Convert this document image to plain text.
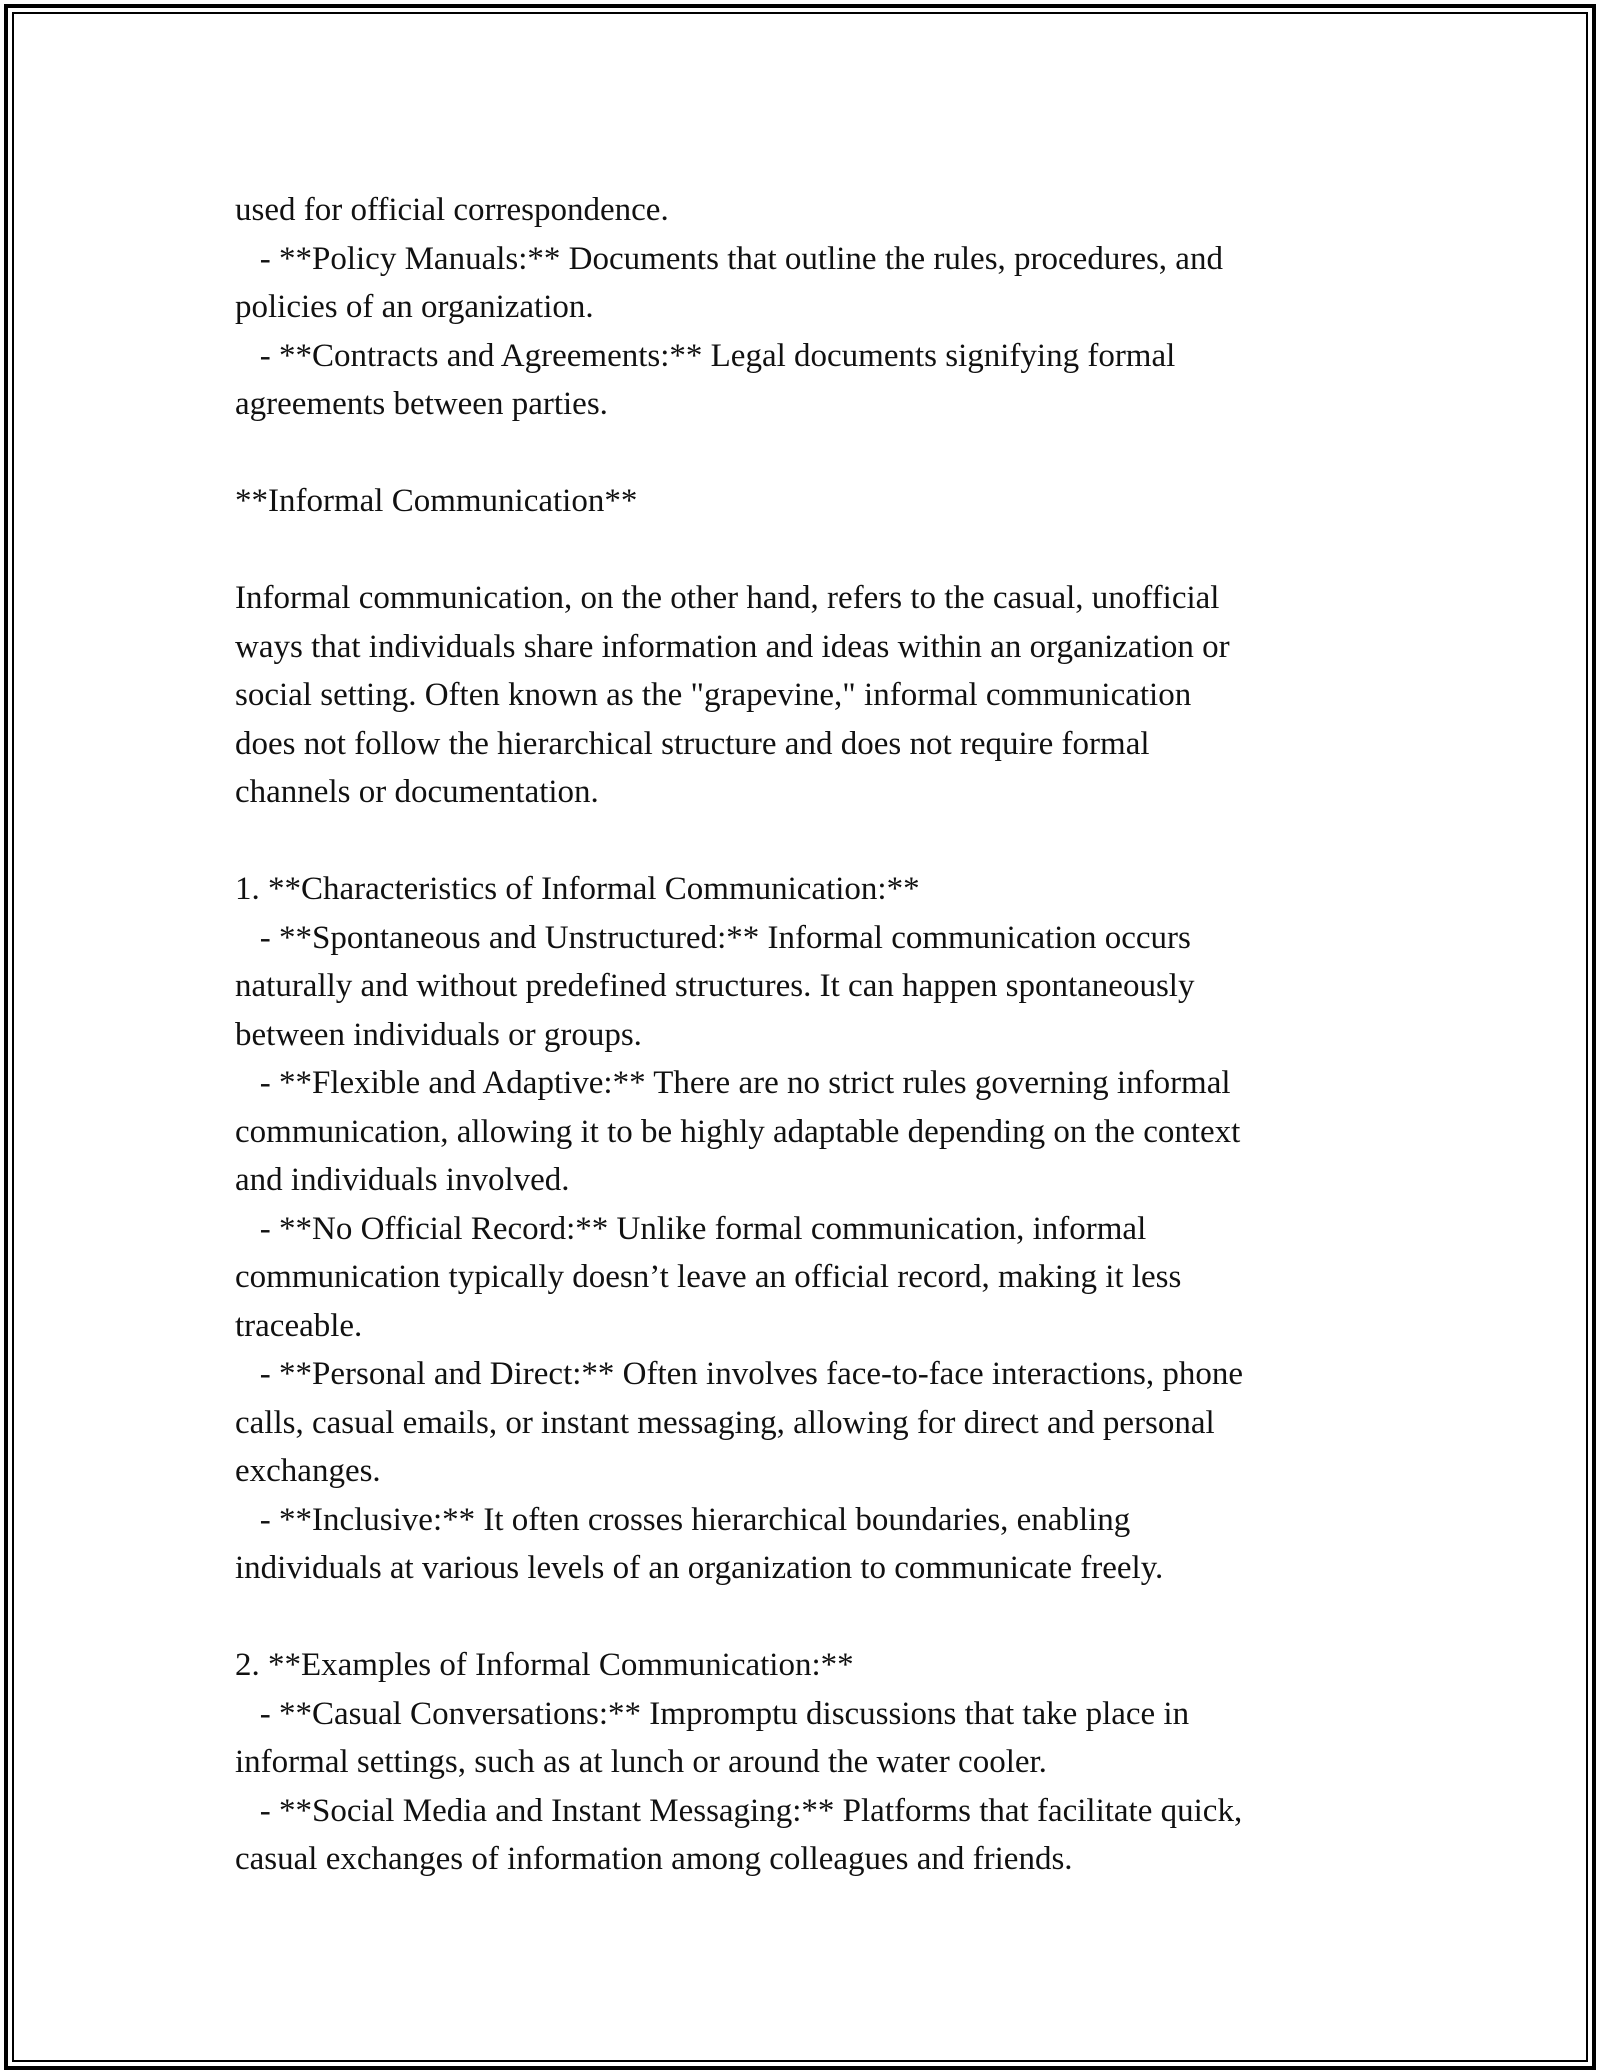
used for official correspondence.
- **Policy Manuals:** Documents that outline the rules, procedures, and
policies of an organization.
- **Contracts and Agreements:** Legal documents signifying formal
agreements between parties.
**Informal Communication**
Informal communication, on the other hand, refers to the casual, unofficial
ways that individuals share information and ideas within an organization or
social setting. Often known as the "grapevine," informal communication
does not follow the hierarchical structure and does not require formal
channels or documentation.
1. **Characteristics of Informal Communication:**
- **Spontaneous and Unstructured:** Informal communication occurs
naturally and without predefined structures. It can happen spontaneously
between individuals or groups.
- **Flexible and Adaptive:** There are no strict rules governing informal
communication, allowing it to be highly adaptable depending on the context
and individuals involved.
- **No Official Record:** Unlike formal communication, informal
communication typically doesn’t leave an official record, making it less
traceable.
- **Personal and Direct:** Often involves face-to-face interactions, phone
calls, casual emails, or instant messaging, allowing for direct and personal
exchanges.
- **Inclusive:** It often crosses hierarchical boundaries, enabling
individuals at various levels of an organization to communicate freely.
2. **Examples of Informal Communication:**
- **Casual Conversations:** Impromptu discussions that take place in
informal settings, such as at lunch or around the water cooler.
- **Social Media and Instant Messaging:** Platforms that facilitate quick,
casual exchanges of information among colleagues and friends.
